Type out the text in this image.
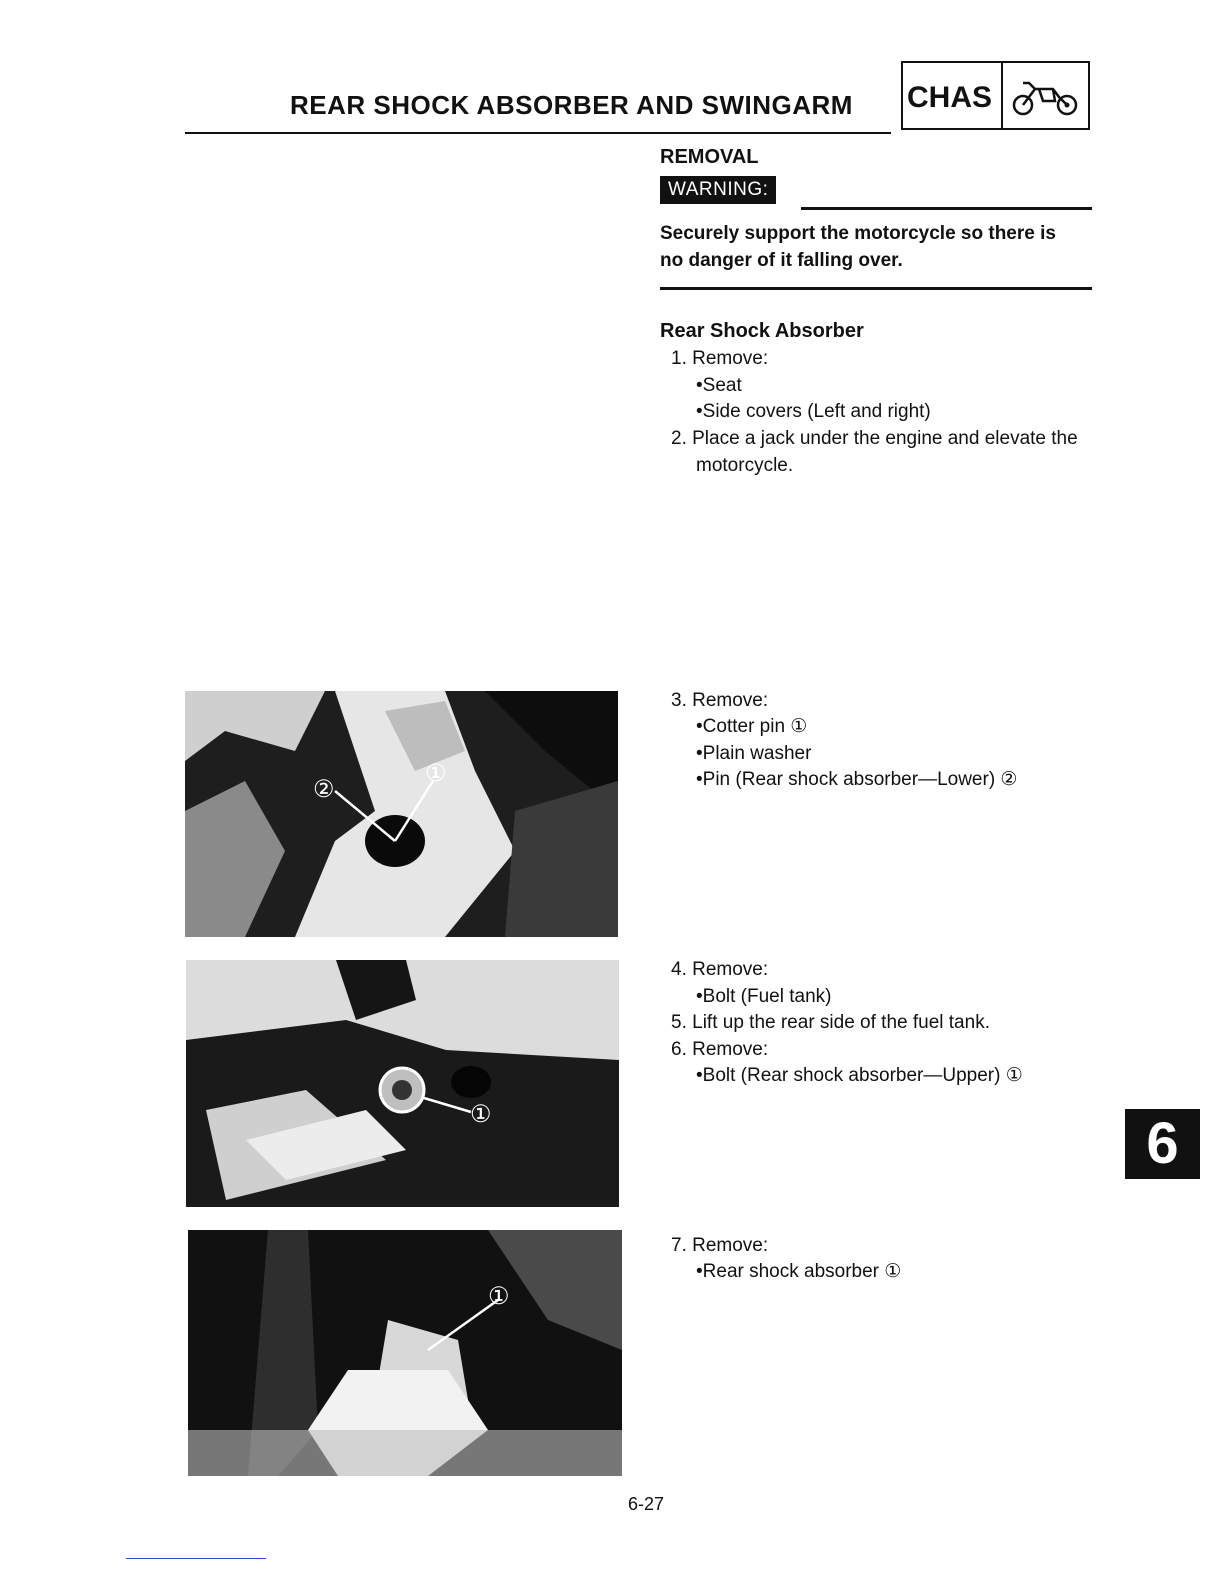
REAR SHOCK ABSORBER AND SWINGARM CHAS
REMOVAL
WARNING:
Securely support the motorcycle so there is
no danger of it falling over.
Rear Shock Absorber
1. Remove:
•Seat
•Side covers (Left and right)
2. Place a jack under the engine and elevate the
motorcycle.
3. Remove:
•Cotter pin ①
•Plain washer
•Pin (Rear shock absorber—Lower) ②
4. Remove:
•Bolt (Fuel tank)
5. Lift up the rear side of the fuel tank.
6. Remove:
•Bolt (Rear shock absorber—Upper) ①
7. Remove:
•Rear shock absorber ①
②
①
①
①
6
6-27
